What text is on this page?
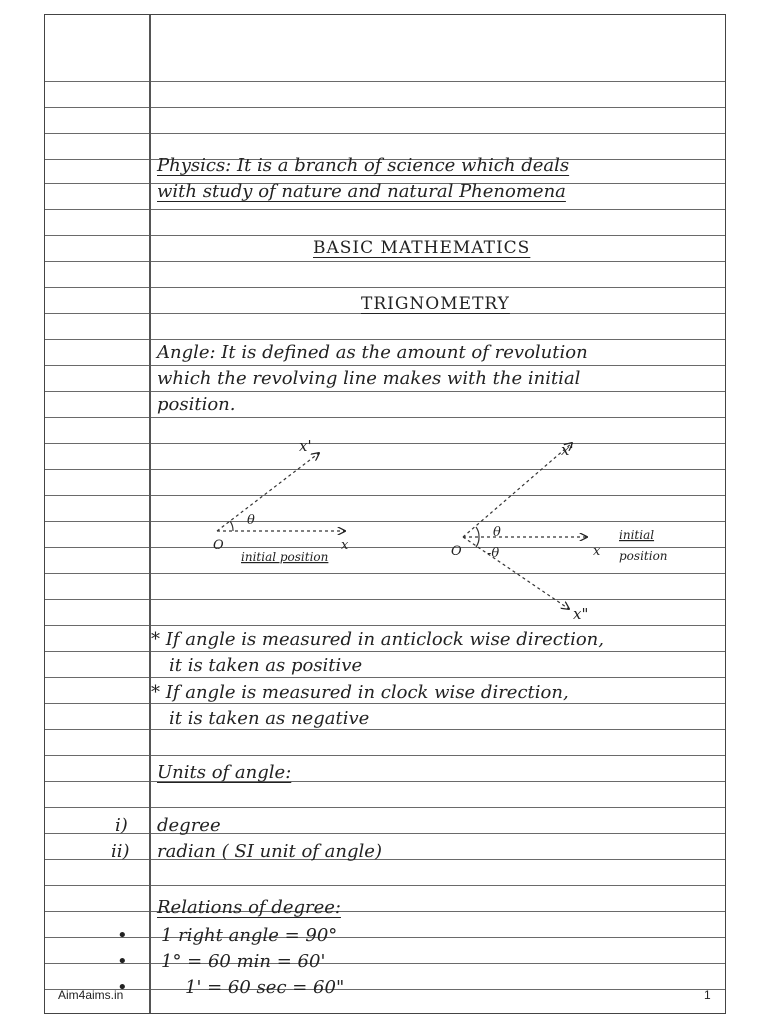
Physics: It is a branch of science which deals
with study of nature and natural Phenomena
BASIC MATHEMATICS
TRIGNOMETRY
Angle: It is defined as the amount of revolution
which the revolving line makes with the initial
position.
x'
θ
O	x
initial position
x'
θ
-θ
O	x
initial
position
x"
* If angle is measured in anticlock wise direction,
it is taken as positive
* If angle is measured in clock wise direction,
it is taken as negative
Units of angle:
i) degree
ii) radian ( SI unit of angle)
Relations of degree:
• 1 right angle = 90°
• 1° = 60 min = 60'
•	1' = 60 sec = 60"
Aim4aims.in	1
